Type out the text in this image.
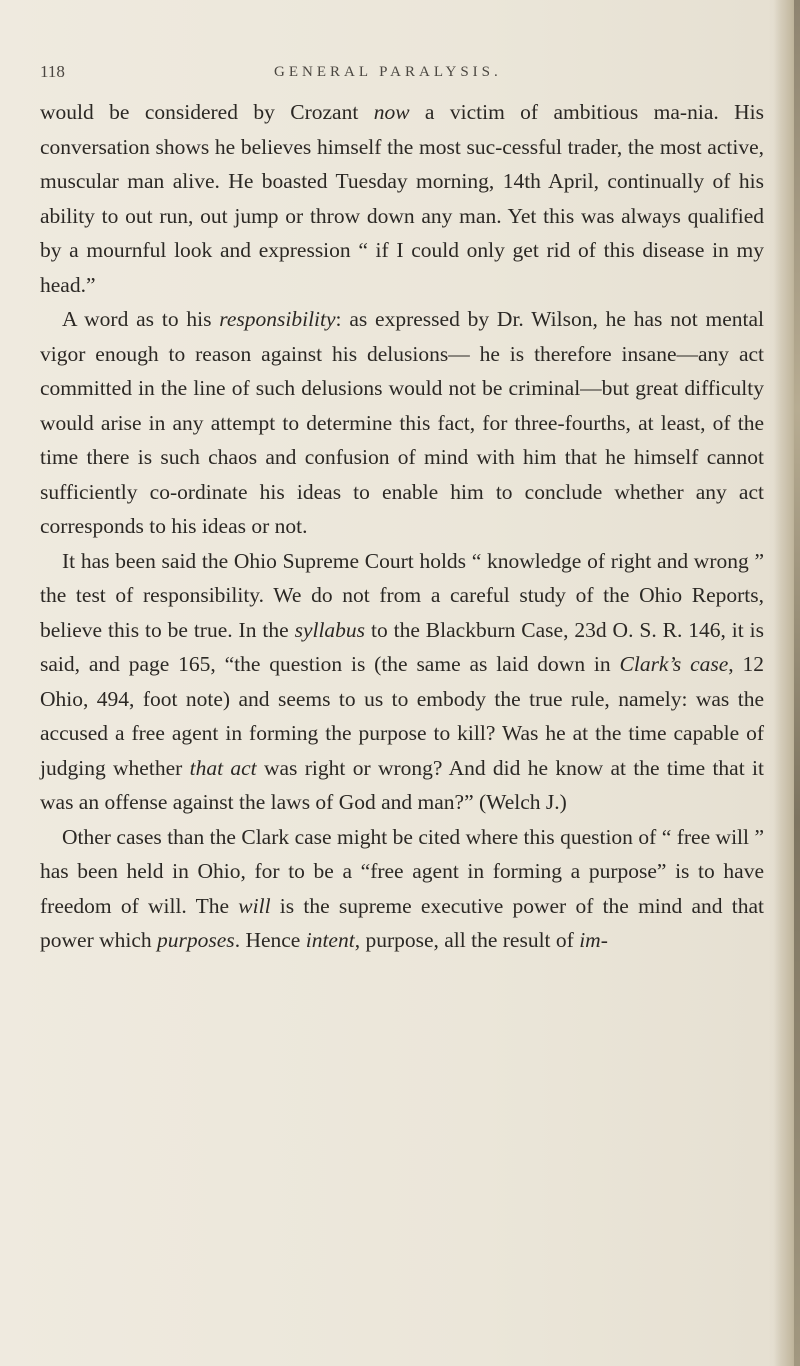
118	GENERAL PARALYSIS.

would be considered by Crozant now a victim of ambitious ma-nia. His conversation shows he believes himself the most suc-cessful trader, the most active, muscular man alive. He boasted Tuesday morning, 14th April, continually of his ability to out run, out jump or throw down any man. Yet this was always qualified by a mournful look and expression “ if I could only get rid of this disease in my head.”

A word as to his responsibility: as expressed by Dr. Wilson, he has not mental vigor enough to reason against his delusions— he is therefore insane—any act committed in the line of such delusions would not be criminal—but great difficulty would arise in any attempt to determine this fact, for three-fourths, at least, of the time there is such chaos and confusion of mind with him that he himself cannot sufficiently co-ordinate his ideas to enable him to conclude whether any act corresponds to his ideas or not.

It has been said the Ohio Supreme Court holds “ knowledge of right and wrong ” the test of responsibility. We do not from a careful study of the Ohio Reports, believe this to be true. In the syllabus to the Blackburn Case, 23d O. S. R. 146, it is said, and page 165, “the question is (the same as laid down in Clark’s case, 12 Ohio, 494, foot note) and seems to us to embody the true rule, namely: was the accused a free agent in forming the purpose to kill? Was he at the time capable of judging whether that act was right or wrong? And did he know at the time that it was an offense against the laws of God and man?” (Welch J.)

Other cases than the Clark case might be cited where this question of “ free will ” has been held in Ohio, for to be a “free agent in forming a purpose” is to have freedom of will. The will is the supreme executive power of the mind and that power which purposes. Hence intent, purpose, all the result of im-
